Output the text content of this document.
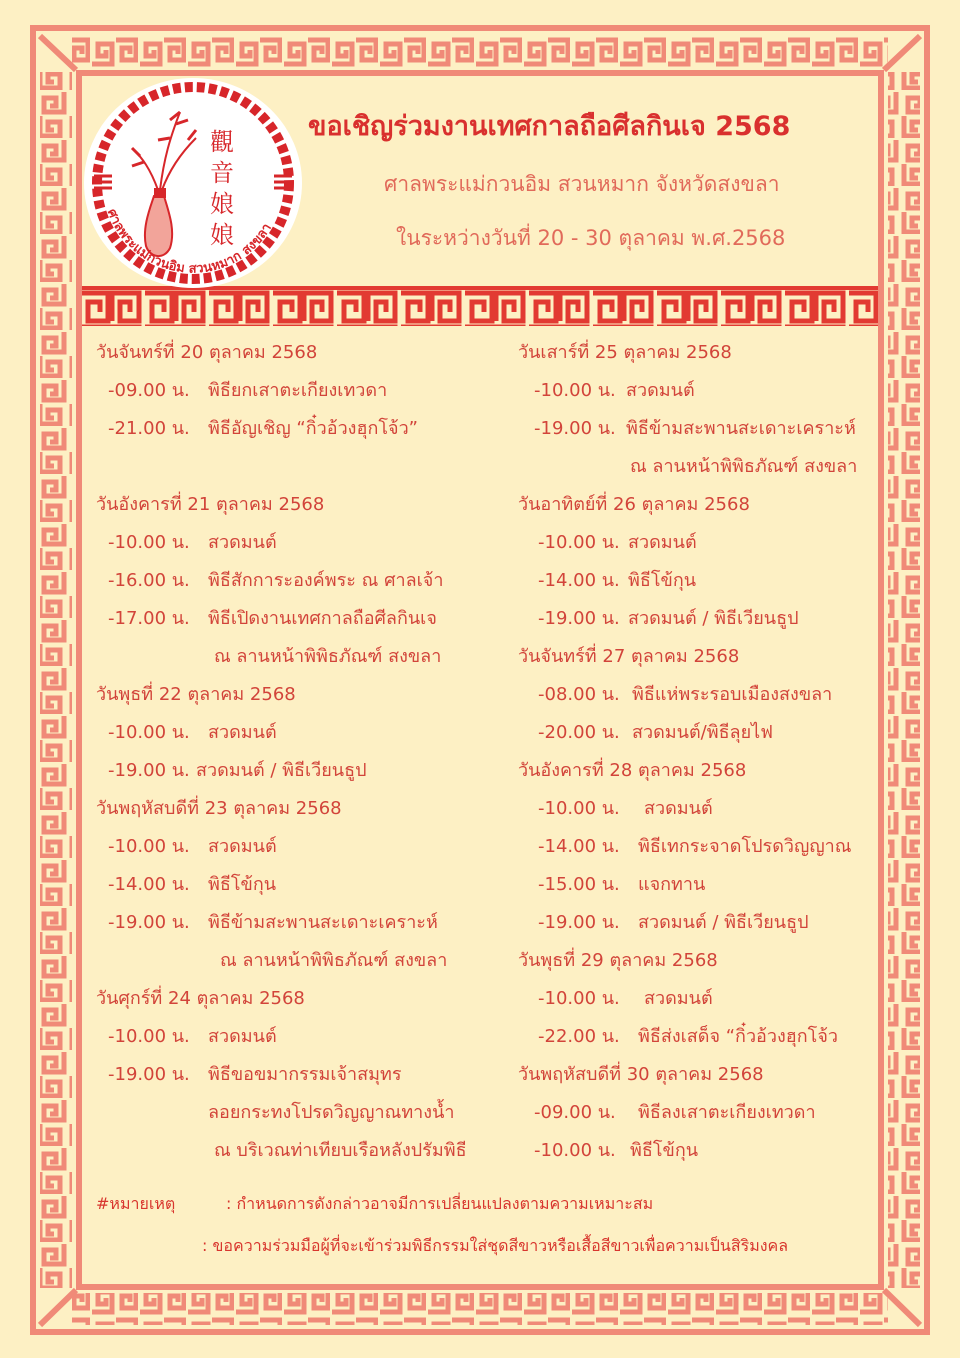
觀
音
娘
娘
ศาลพระแม่กวนอิม สวนหมาก สงขลา
ขอเชิญร่วมงานเทศกาลถือศีลกินเจ 2568
ศาลพระแม่กวนอิม สวนหมาก จังหวัดสงขลา
ในระหว่างวันที่ 20 - 30 ตุลาคม พ.ศ.2568
วันจันทร์ที่ 20 ตุลาคม 2568
-09.00 น.	พิธียกเสาตะเกียงเทวดา
-21.00 น.	พิธีอัญเชิญ “กิ๋วอ้วงฮุกโจ้ว”
วันอังคารที่ 21 ตุลาคม 2568
-10.00 น.	สวดมนต์
-16.00 น.	พิธีสักการะองค์พระ ณ ศาลเจ้า
-17.00 น.	พิธีเปิดงานเทศกาลถือศีลกินเจ
ณ ลานหน้าพิพิธภัณฑ์ สงขลา
วันพุธที่ 22 ตุลาคม 2568
-10.00 น.	สวดมนต์
-19.00 น. สวดมนต์ / พิธีเวียนธูป
วันพฤหัสบดีที่ 23 ตุลาคม 2568
-10.00 น.	สวดมนต์
-14.00 น.	พิธีโข้กุน
-19.00 น.	พิธีข้ามสะพานสะเดาะเคราะห์
ณ ลานหน้าพิพิธภัณฑ์ สงขลา
วันศุกร์ที่ 24 ตุลาคม 2568
-10.00 น.	สวดมนต์
-19.00 น.	พิธีขอขมากรรมเจ้าสมุทร
ลอยกระทงโปรดวิญญาณทางน้ำ
ณ บริเวณท่าเทียบเรือหลังปรัมพิธี
วันเสาร์ที่ 25 ตุลาคม 2568
-10.00 น. สวดมนต์
-19.00 น. พิธีข้ามสะพานสะเดาะเคราะห์
ณ ลานหน้าพิพิธภัณฑ์ สงขลา
วันอาทิตย์ที่ 26 ตุลาคม 2568
-10.00 น. สวดมนต์
-14.00 น. พิธีโข้กุน
-19.00 น. สวดมนต์ / พิธีเวียนธูป
วันจันทร์ที่ 27 ตุลาคม 2568
-08.00 น. พิธีแห่พระรอบเมืองสงขลา
-20.00 น. สวดมนต์/พิธีลุยไฟ
วันอังคารที่ 28 ตุลาคม 2568
-10.00 น.	สวดมนต์
-14.00 น.	พิธีเทกระจาดโปรดวิญญาณ
-15.00 น.	แจกทาน
-19.00 น.	สวดมนต์ / พิธีเวียนธูป
วันพุธที่ 29 ตุลาคม 2568
-10.00 น.	สวดมนต์
-22.00 น.	พิธีส่งเสด็จ “กิ๋วอ้วงฮุกโจ้ว
วันพฤหัสบดีที่ 30 ตุลาคม 2568
-09.00 น.	พิธีลงเสาตะเกียงเทวดา
-10.00 น. พิธีโข้กุน
#หมายเหตุ	: กำหนดการดังกล่าวอาจมีการเปลี่ยนแปลงตามความเหมาะสม
: ขอความร่วมมือผู้ที่จะเข้าร่วมพิธีกรรมใส่ชุดสีขาวหรือเสื้อสีขาวเพื่อความเป็นสิริมงคล
